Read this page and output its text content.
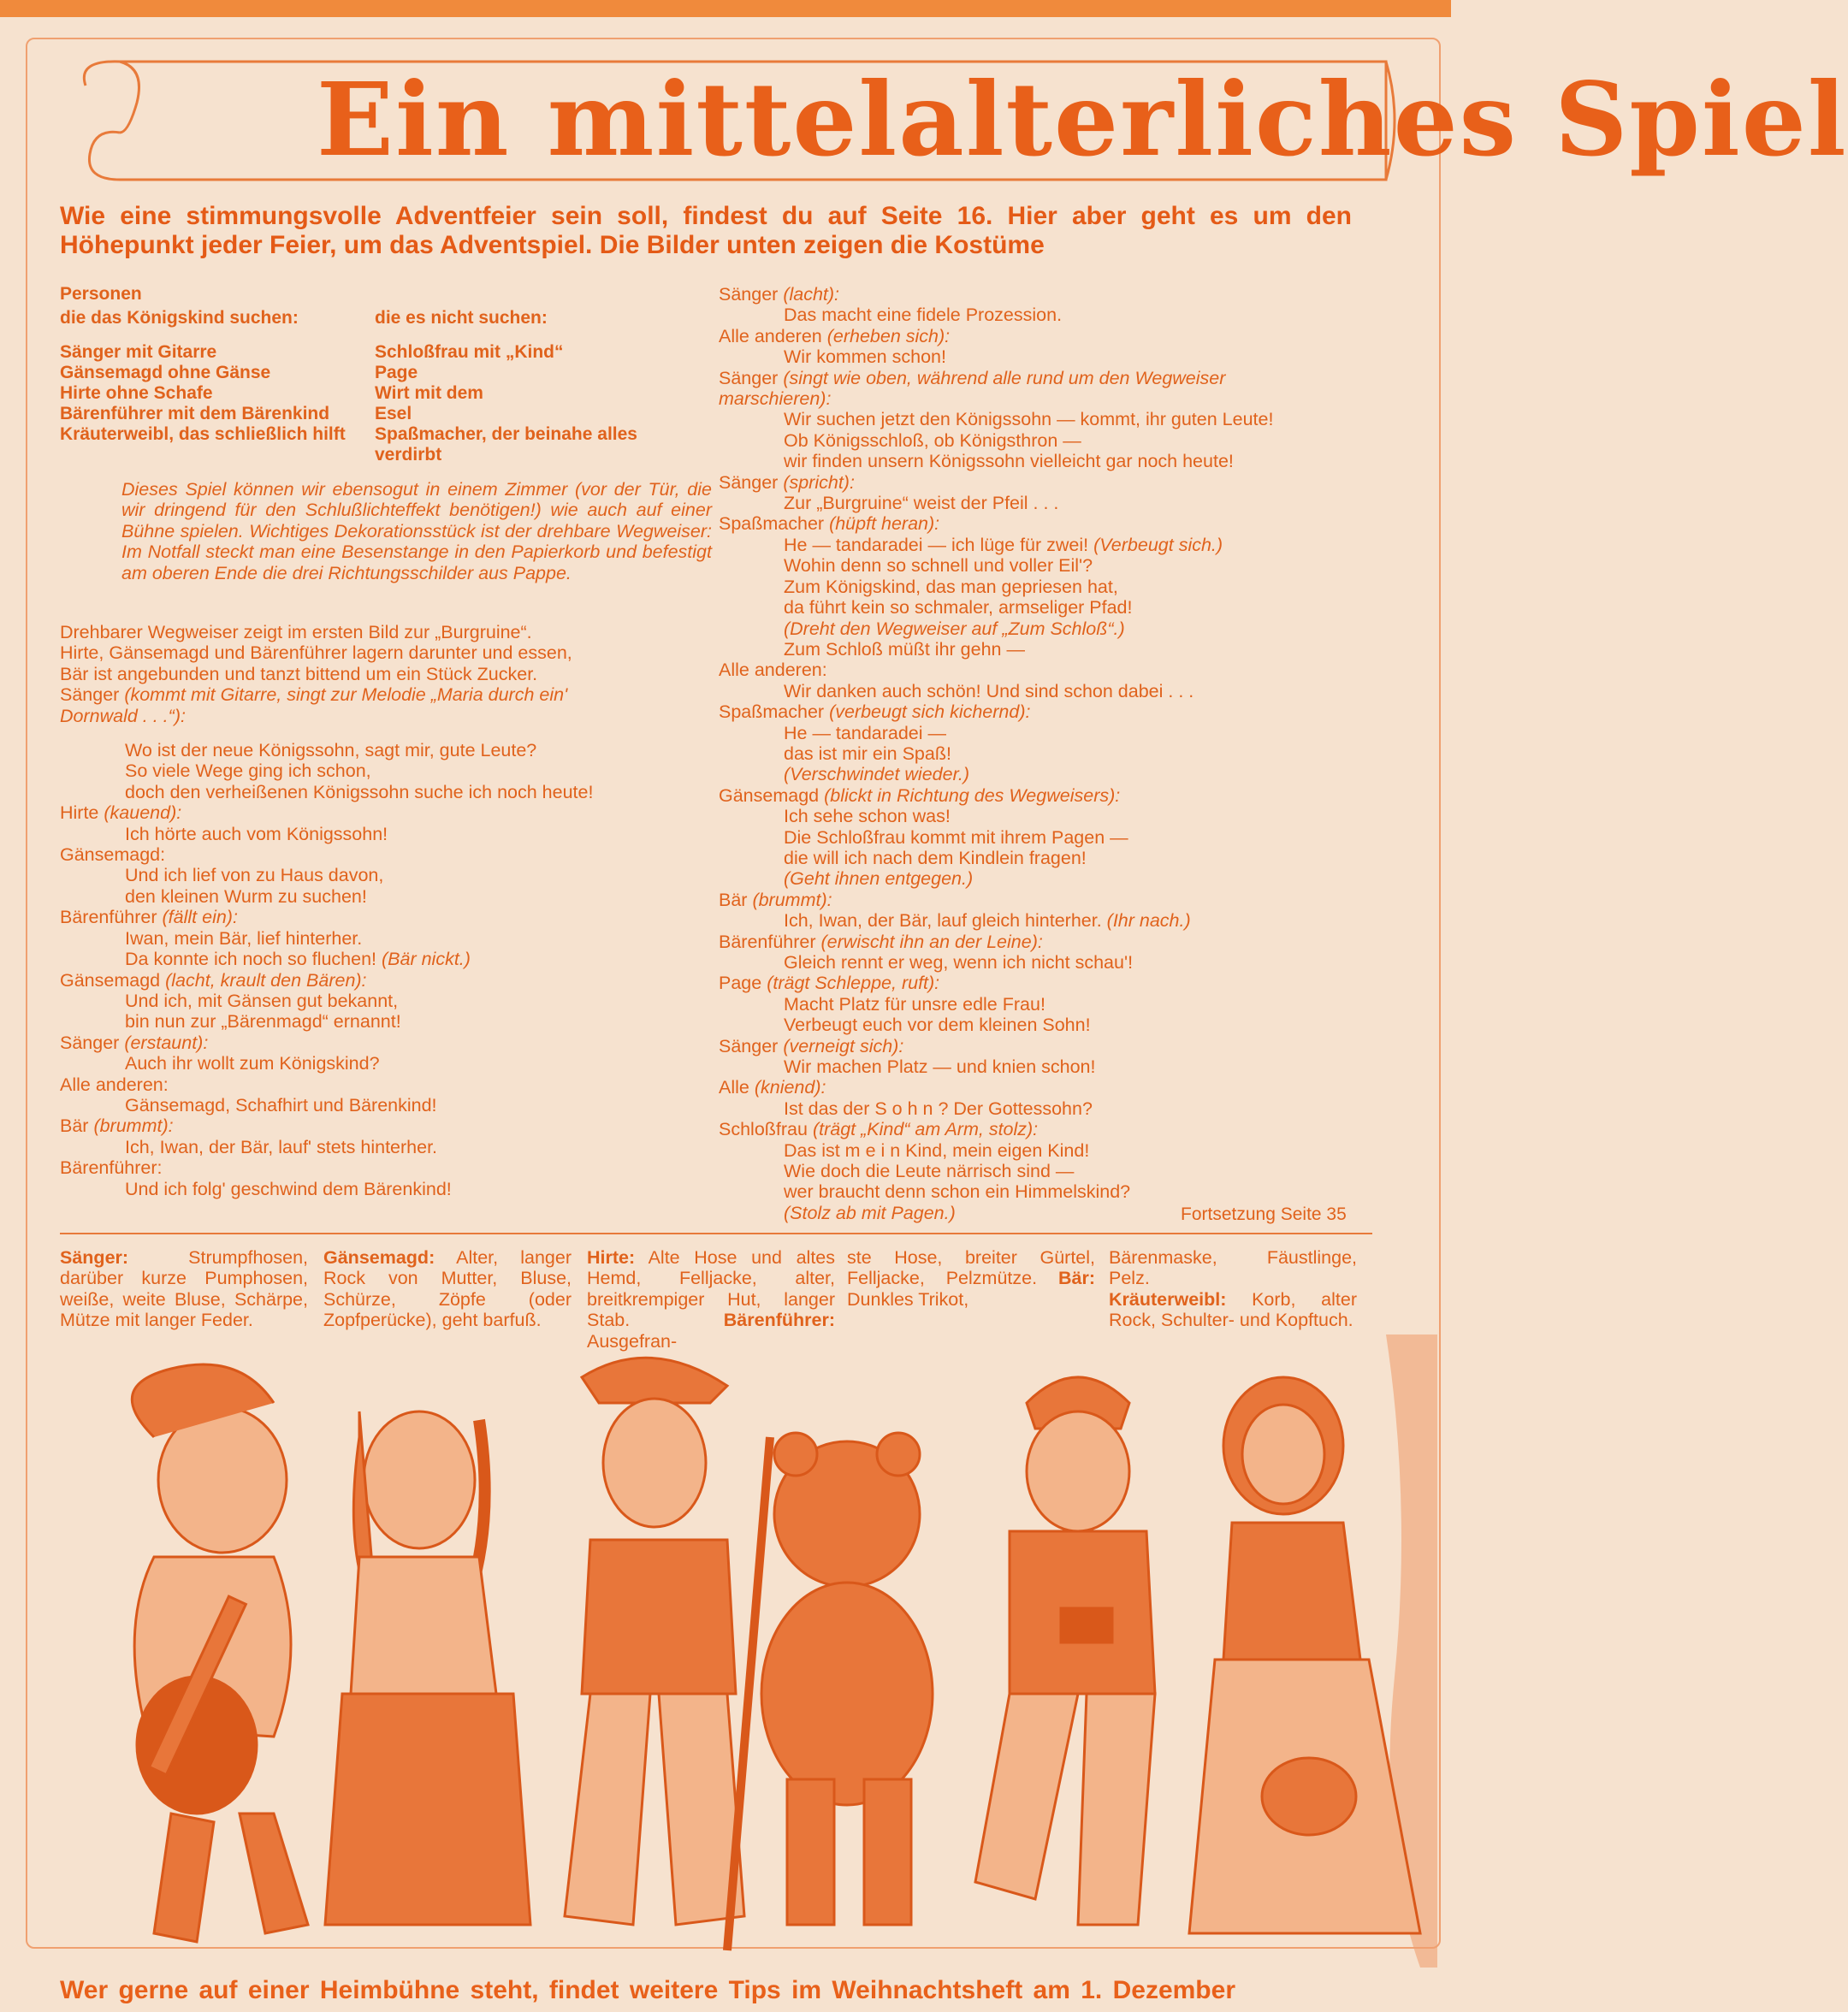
Ein mittelalterliches Spiel
Wie eine stimmungsvolle Adventfeier sein soll, findest du auf Seite 16. Hier aber geht es um den Höhepunkt jeder Feier, um das Adventspiel. Die Bilder unten zeigen die Kostüme
Personen
die das Königskind suchen:	die es nicht suchen:
Sänger mit Gitarre	Schloßfrau mit „Kind“
Gänsemagd ohne Gänse	Page
Hirte ohne Schafe	Wirt mit dem
Bärenführer mit dem Bärenkind	Esel
Kräuterweibl, das schließlich hilft	Spaßmacher, der beinahe alles
verdirbt
Dieses Spiel können wir ebensogut in einem Zimmer (vor der Tür, die wir dringend für den Schlußlichteffekt benötigen!) wie auch auf einer Bühne spielen. Wichtiges Dekorationsstück ist der drehbare Wegweiser: Im Notfall steckt man eine Besenstange in den Papierkorb und befestigt am oberen Ende die drei Richtungsschilder aus Pappe.
Drehbarer Wegweiser zeigt im ersten Bild zur „Burgruine“.
Hirte, Gänsemagd und Bärenführer lagern darunter und essen,
Bär ist angebunden und tanzt bittend um ein Stück Zucker.
Sänger (kommt mit Gitarre, singt zur Melodie „Maria durch ein'
Dornwald . . .“):
Wo ist der neue Königssohn, sagt mir, gute Leute?
So viele Wege ging ich schon,
doch den verheißenen Königssohn suche ich noch heute!
Hirte (kauend):
Ich hörte auch vom Königssohn!
Gänsemagd:
Und ich lief von zu Haus davon,
den kleinen Wurm zu suchen!
Bärenführer (fällt ein):
Iwan, mein Bär, lief hinterher.
Da konnte ich noch so fluchen! (Bär nickt.)
Gänsemagd (lacht, krault den Bären):
Und ich, mit Gänsen gut bekannt,
bin nun zur „Bärenmagd“ ernannt!
Sänger (erstaunt):
Auch ihr wollt zum Königskind?
Alle anderen:
Gänsemagd, Schafhirt und Bärenkind!
Bär (brummt):
Ich, Iwan, der Bär, lauf' stets hinterher.
Bärenführer:
Und ich folg' geschwind dem Bärenkind!
Sänger (lacht):
Das macht eine fidele Prozession.
Alle anderen (erheben sich):
Wir kommen schon!
Sänger (singt wie oben, während alle rund um den Wegweiser
marschieren):
Wir suchen jetzt den Königssohn — kommt, ihr guten Leute!
Ob Königsschloß, ob Königsthron —
wir finden unsern Königssohn vielleicht gar noch heute!
Sänger (spricht):
Zur „Burgruine“ weist der Pfeil . . .
Spaßmacher (hüpft heran):
He — tandaradei — ich lüge für zwei! (Verbeugt sich.)
Wohin denn so schnell und voller Eil'?
Zum Königskind, das man gepriesen hat,
da führt kein so schmaler, armseliger Pfad!
(Dreht den Wegweiser auf „Zum Schloß“.)
Zum Schloß müßt ihr gehn —
Alle anderen:
Wir danken auch schön! Und sind schon dabei . . .
Spaßmacher (verbeugt sich kichernd):
He — tandaradei —
das ist mir ein Spaß!
(Verschwindet wieder.)
Gänsemagd (blickt in Richtung des Wegweisers):
Ich sehe schon was!
Die Schloßfrau kommt mit ihrem Pagen —
die will ich nach dem Kindlein fragen!
(Geht ihnen entgegen.)
Bär (brummt):
Ich, Iwan, der Bär, lauf gleich hinterher. (Ihr nach.)
Bärenführer (erwischt ihn an der Leine):
Gleich rennt er weg, wenn ich nicht schau'!
Page (trägt Schleppe, ruft):
Macht Platz für unsre edle Frau!
Verbeugt euch vor dem kleinen Sohn!
Sänger (verneigt sich):
Wir machen Platz — und knien schon!
Alle (kniend):
Ist das der S o h n ? Der Gottessohn?
Schloßfrau (trägt „Kind“ am Arm, stolz):
Das ist m e i n Kind, mein eigen Kind!
Wie doch die Leute närrisch sind —
wer braucht denn schon ein Himmelskind?
(Stolz ab mit Pagen.)	Fortsetzung Seite 35
Sänger: Strumpfhosen, darüber kurze Pumphosen, weiße, weite Bluse, Schärpe, Mütze mit langer Feder.
Gänsemagd: Alter, langer Rock von Mutter, Bluse, Schürze, Zöpfe (oder Zopfperücke), geht barfuß.
Hirte: Alte Hose und altes Hemd, Felljacke, alter, breitkrempiger Hut, langer Stab.	Bärenführer: Ausgefran-
ste Hose, breiter Gürtel, Felljacke, Pelzmütze. Bär: Dunkles Trikot,
Bärenmaske, Fäustlinge, Pelz.
Kräuterweibl: Korb, alter Rock, Schulter- und Kopftuch.
Wer gerne auf einer Heimbühne steht, findet weitere Tips im Weihnachtsheft am 1. Dezember
